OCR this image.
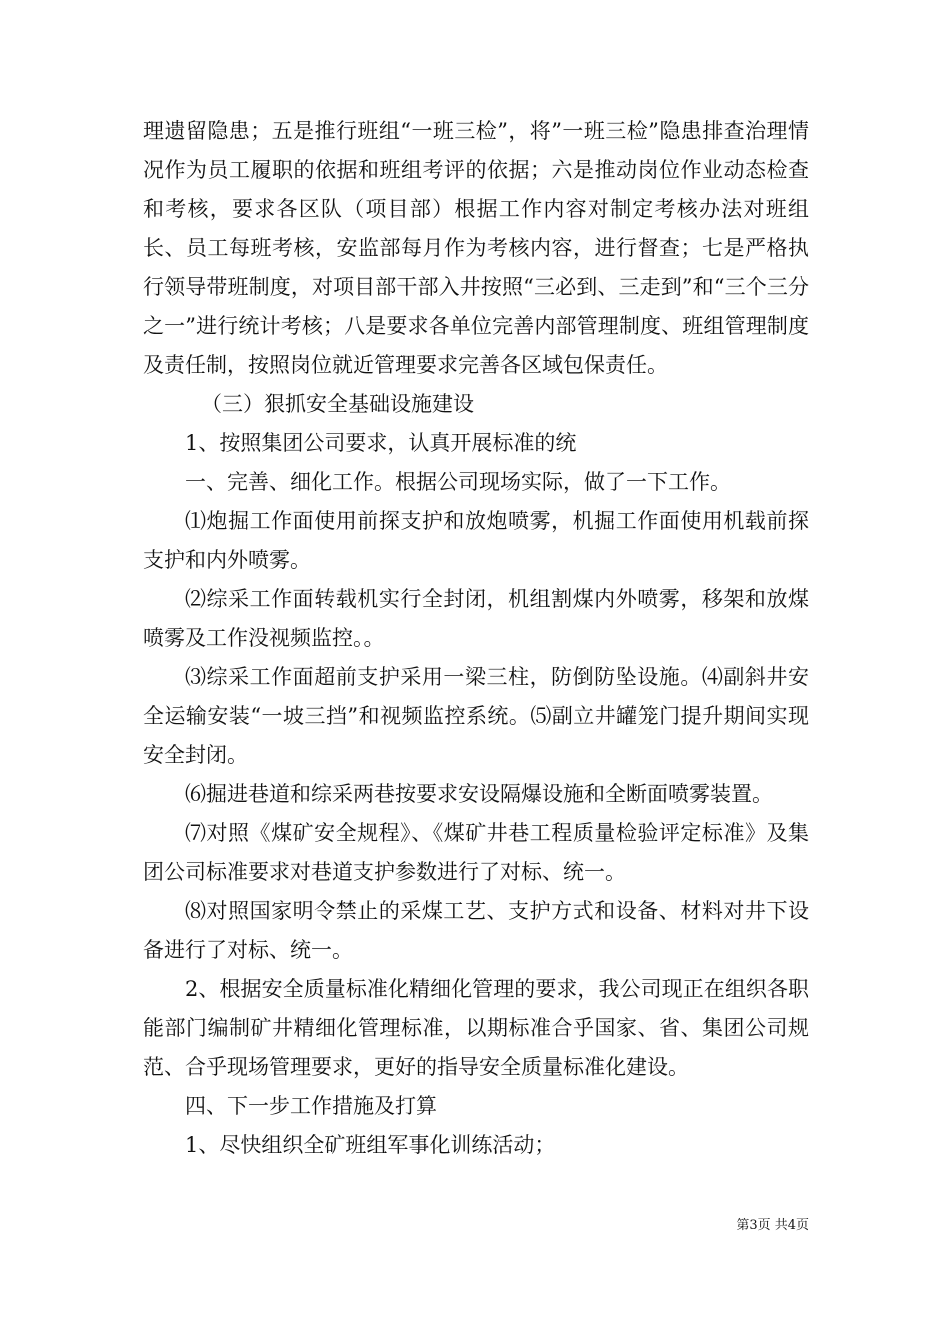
理遗留隐患；五是推行班组“一班三检”，将”一班三检”隐患排查治理情况作为员工履职的依据和班组考评的依据；六是推动岗位作业动态检查和考核，要求各区队（项目部）根据工作内容对制定考核办法对班组长、员工每班考核，安监部每月作为考核内容，进行督查；七是严格执行领导带班制度，对项目部干部入井按照“三必到、三走到”和“三个三分之一”进行统计考核；八是要求各单位完善内部管理制度、班组管理制度及责任制，按照岗位就近管理要求完善各区域包保责任。

（三）狠抓安全基础设施建设

1、按照集团公司要求，认真开展标准的统

一、完善、细化工作。根据公司现场实际，做了一下工作。

⑴炮掘工作面使用前探支护和放炮喷雾，机掘工作面使用机载前探支护和内外喷雾。

⑵综采工作面转载机实行全封闭，机组割煤内外喷雾，移架和放煤喷雾及工作没视频监控。。

⑶综采工作面超前支护采用一梁三柱，防倒防坠设施。⑷副斜井安全运输安装“一坡三挡”和视频监控系统。⑸副立井罐笼门提升期间实现安全封闭。

⑹掘进巷道和综采两巷按要求安设隔爆设施和全断面喷雾装置。

⑺对照《煤矿安全规程》、《煤矿井巷工程质量检验评定标准》及集团公司标准要求对巷道支护参数进行了对标、统一。

⑻对照国家明令禁止的采煤工艺、支护方式和设备、材料对井下设备进行了对标、统一。

2、根据安全质量标准化精细化管理的要求，我公司现正在组织各职能部门编制矿井精细化管理标准，以期标准合乎国家、省、集团公司规范、合乎现场管理要求，更好的指导安全质量标准化建设。

四、下一步工作措施及打算

1、尽快组织全矿班组军事化训练活动；

第3页 共4页
